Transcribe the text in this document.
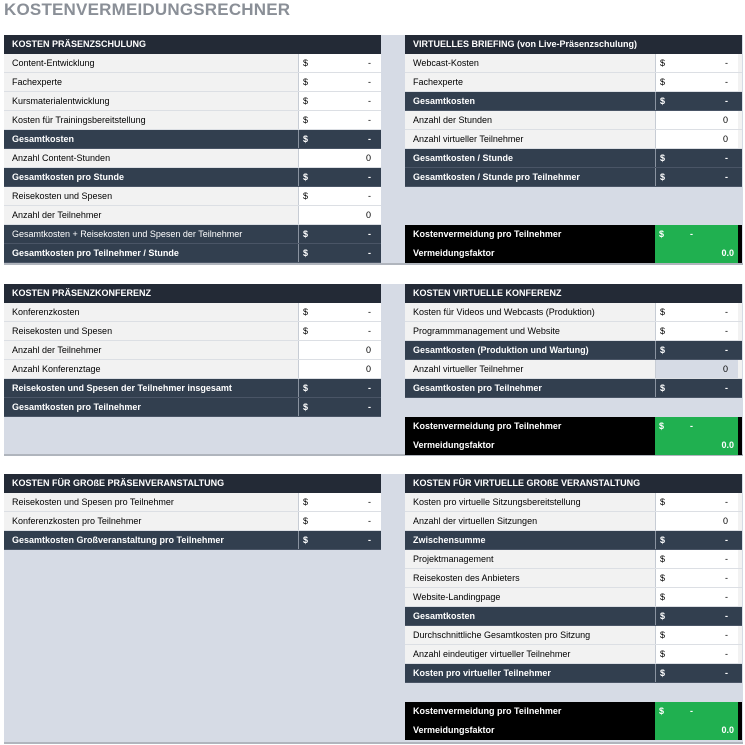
KOSTENVERMEIDUNGSRECHNER
KOSTEN PRÄSENZSCHULUNG
Content-Entwicklung	$	-
Fachexperte	$	-
Kursmaterialentwicklung	$	-
Kosten für Trainingsbereitstellung	$	-
Gesamtkosten	$	-
Anzahl Content-Stunden	0
Gesamtkosten pro Stunde	$	-
Reisekosten und Spesen	$	-
Anzahl der Teilnehmer	0
Gesamtkosten + Reisekosten und Spesen der Teilnehmer	$	-
Gesamtkosten pro Teilnehmer / Stunde	$	-
VIRTUELLES BRIEFING (von Live-Präsenzschulung)
Webcast-Kosten	$	-
Fachexperte	$	-
Gesamtkosten	$	-
Anzahl der Stunden	0
Anzahl virtueller Teilnehmer	0
Gesamtkosten / Stunde	$	-
Gesamtkosten / Stunde pro Teilnehmer	$	-
Kostenvermeidung pro Teilnehmer	$	-
Vermeidungsfaktor	0.0
KOSTEN PRÄSENZKONFERENZ
Konferenzkosten	$	-
Reisekosten und Spesen	$	-
Anzahl der Teilnehmer	0
Anzahl Konferenztage	0
Reisekosten und Spesen der Teilnehmer insgesamt	$	-
Gesamtkosten pro Teilnehmer	$	-
KOSTEN VIRTUELLE KONFERENZ
Kosten für Videos und Webcasts (Produktion)	$	-
Programmmanagement und Website	$	-
Gesamtkosten (Produktion und Wartung)	$	-
Anzahl virtueller Teilnehmer	0
Gesamtkosten pro Teilnehmer	$	-
Kostenvermeidung pro Teilnehmer	$	-
Vermeidungsfaktor	0.0
KOSTEN FÜR GROßE PRÄSENVERANSTALTUNG
Reisekosten und Spesen pro Teilnehmer	$	-
Konferenzkosten pro Teilnehmer	$	-
Gesamtkosten Großveranstaltung pro Teilnehmer	$	-
KOSTEN FÜR VIRTUELLE GROßE VERANSTALTUNG
Kosten pro virtuelle Sitzungsbereitstellung	$	-
Anzahl der virtuellen Sitzungen	0
Zwischensumme	$	-
Projektmanagement	$	-
Reisekosten des Anbieters	$	-
Website-Landingpage	$	-
Gesamtkosten	$	-
Durchschnittliche Gesamtkosten pro Sitzung	$	-
Anzahl eindeutiger virtueller Teilnehmer	$	-
Kosten pro virtueller Teilnehmer	$	-
Kostenvermeidung pro Teilnehmer	$	-
Vermeidungsfaktor	0.0
